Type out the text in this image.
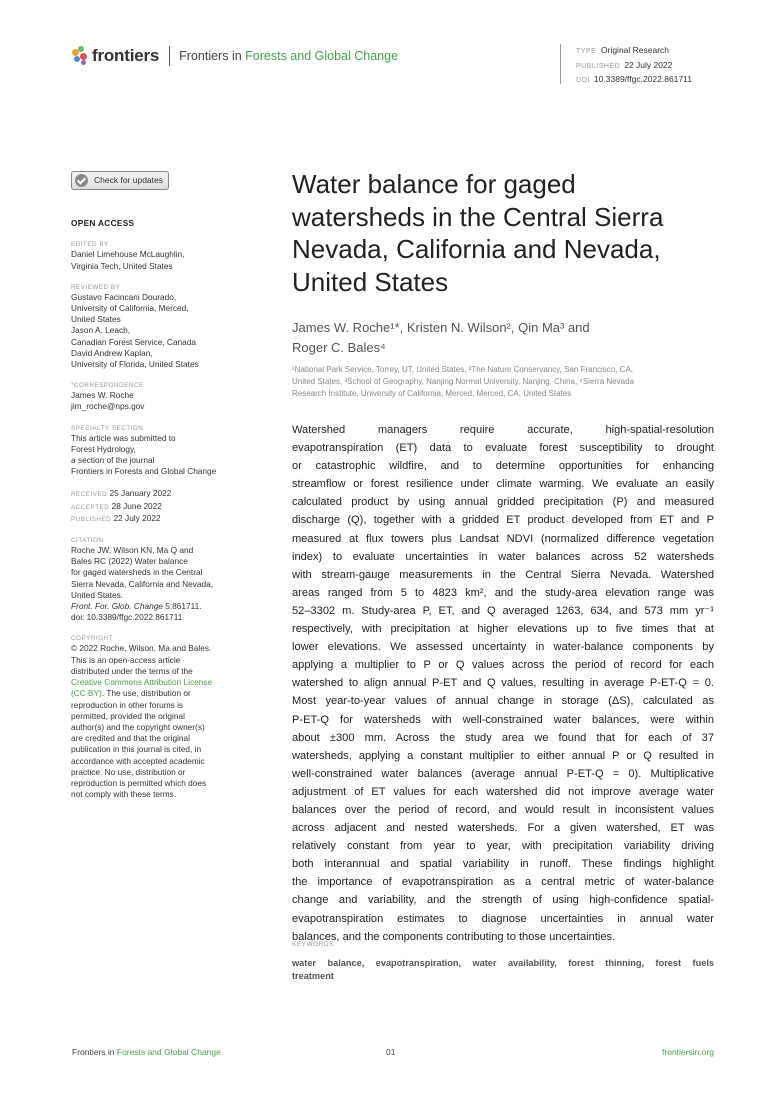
frontiers Frontiers in Forests and Global Change	TYPE Original Research
PUBLISHED 22 July 2022
DOI 10.3389/ffgc.2022.861711
Check for updates
OPEN ACCESS
EDITED BY
Daniel Limehouse McLaughlin,
Virginia Tech, United States
REVIEWED BY
Gustavo Facincani Dourado,
University of California, Merced,
United States
Jason A. Leach,
Canadian Forest Service, Canada
David Andrew Kaplan,
University of Florida, United States
*CORRESPONDENCE
James W. Roche
jim_roche@nps.gov
SPECIALTY SECTION
This article was submitted to
Forest Hydrology,
a section of the journal
Frontiers in Forests and Global Change
RECEIVED 25 January 2022
ACCEPTED 28 June 2022
PUBLISHED 22 July 2022
CITATION
Roche JW, Wilson KN, Ma Q and
Bales RC (2022) Water balance
for gaged watersheds in the Central
Sierra Nevada, California and Nevada,
United States.
Front. For. Glob. Change 5:861711.
doi: 10.3389/ffgc.2022.861711
COPYRIGHT
© 2022 Roche, Wilson, Ma and Bales.
This is an open-access article
distributed under the terms of the
Creative Commons Attribution License
(CC BY). The use, distribution or
reproduction in other forums is
permitted, provided the original
author(s) and the copyright owner(s)
are credited and that the original
publication in this journal is cited, in
accordance with accepted academic
practice. No use, distribution or
reproduction is permitted which does
not comply with these terms.
Water balance for gaged
watersheds in the Central Sierra
Nevada, California and Nevada,
United States
James W. Roche¹*, Kristen N. Wilson², Qin Ma³ and
Roger C. Bales⁴
¹National Park Service, Torrey, UT, United States, ²The Nature Conservancy, San Francisco, CA,
United States, ³School of Geography, Nanjing Normal University, Nanjing, China, ⁴Sierra Nevada
Research Institute, University of California, Merced, Merced, CA, United States
Watershed managers require accurate, high-spatial-resolution
evapotranspiration (ET) data to evaluate forest susceptibility to drought
or catastrophic wildfire, and to determine opportunities for enhancing
streamflow or forest resilience under climate warming. We evaluate an easily
calculated product by using annual gridded precipitation (P) and measured
discharge (Q), together with a gridded ET product developed from ET and P
measured at flux towers plus Landsat NDVI (normalized difference vegetation
index) to evaluate uncertainties in water balances across 52 watersheds
with stream-gauge measurements in the Central Sierra Nevada. Watershed
areas ranged from 5 to 4823 km², and the study-area elevation range was
52–3302 m. Study-area P, ET, and Q averaged 1263, 634, and 573 mm yr⁻¹
respectively, with precipitation at higher elevations up to five times that at
lower elevations. We assessed uncertainty in water-balance components by
applying a multiplier to P or Q values across the period of record for each
watershed to align annual P-ET and Q values, resulting in average P-ET-Q = 0.
Most year-to-year values of annual change in storage (ΔS), calculated as
P-ET-Q for watersheds with well-constrained water balances, were within
about ±300 mm. Across the study area we found that for each of 37
watersheds, applying a constant multiplier to either annual P or Q resulted in
well-constrained water balances (average annual P-ET-Q = 0). Multiplicative
adjustment of ET values for each watershed did not improve average water
balances over the period of record, and would result in inconsistent values
across adjacent and nested watersheds. For a given watershed, ET was
relatively constant from year to year, with precipitation variability driving
both interannual and spatial variability in runoff. These findings highlight
the importance of evapotranspiration as a central metric of water-balance
change and variability, and the strength of using high-confidence spatial-
evapotranspiration estimates to diagnose uncertainties in annual water
balances, and the components contributing to those uncertainties.
KEYWORDS
water balance, evapotranspiration, water availability, forest thinning, forest fuels
treatment
Frontiers in Forests and Global Change	01	frontiersin.org
